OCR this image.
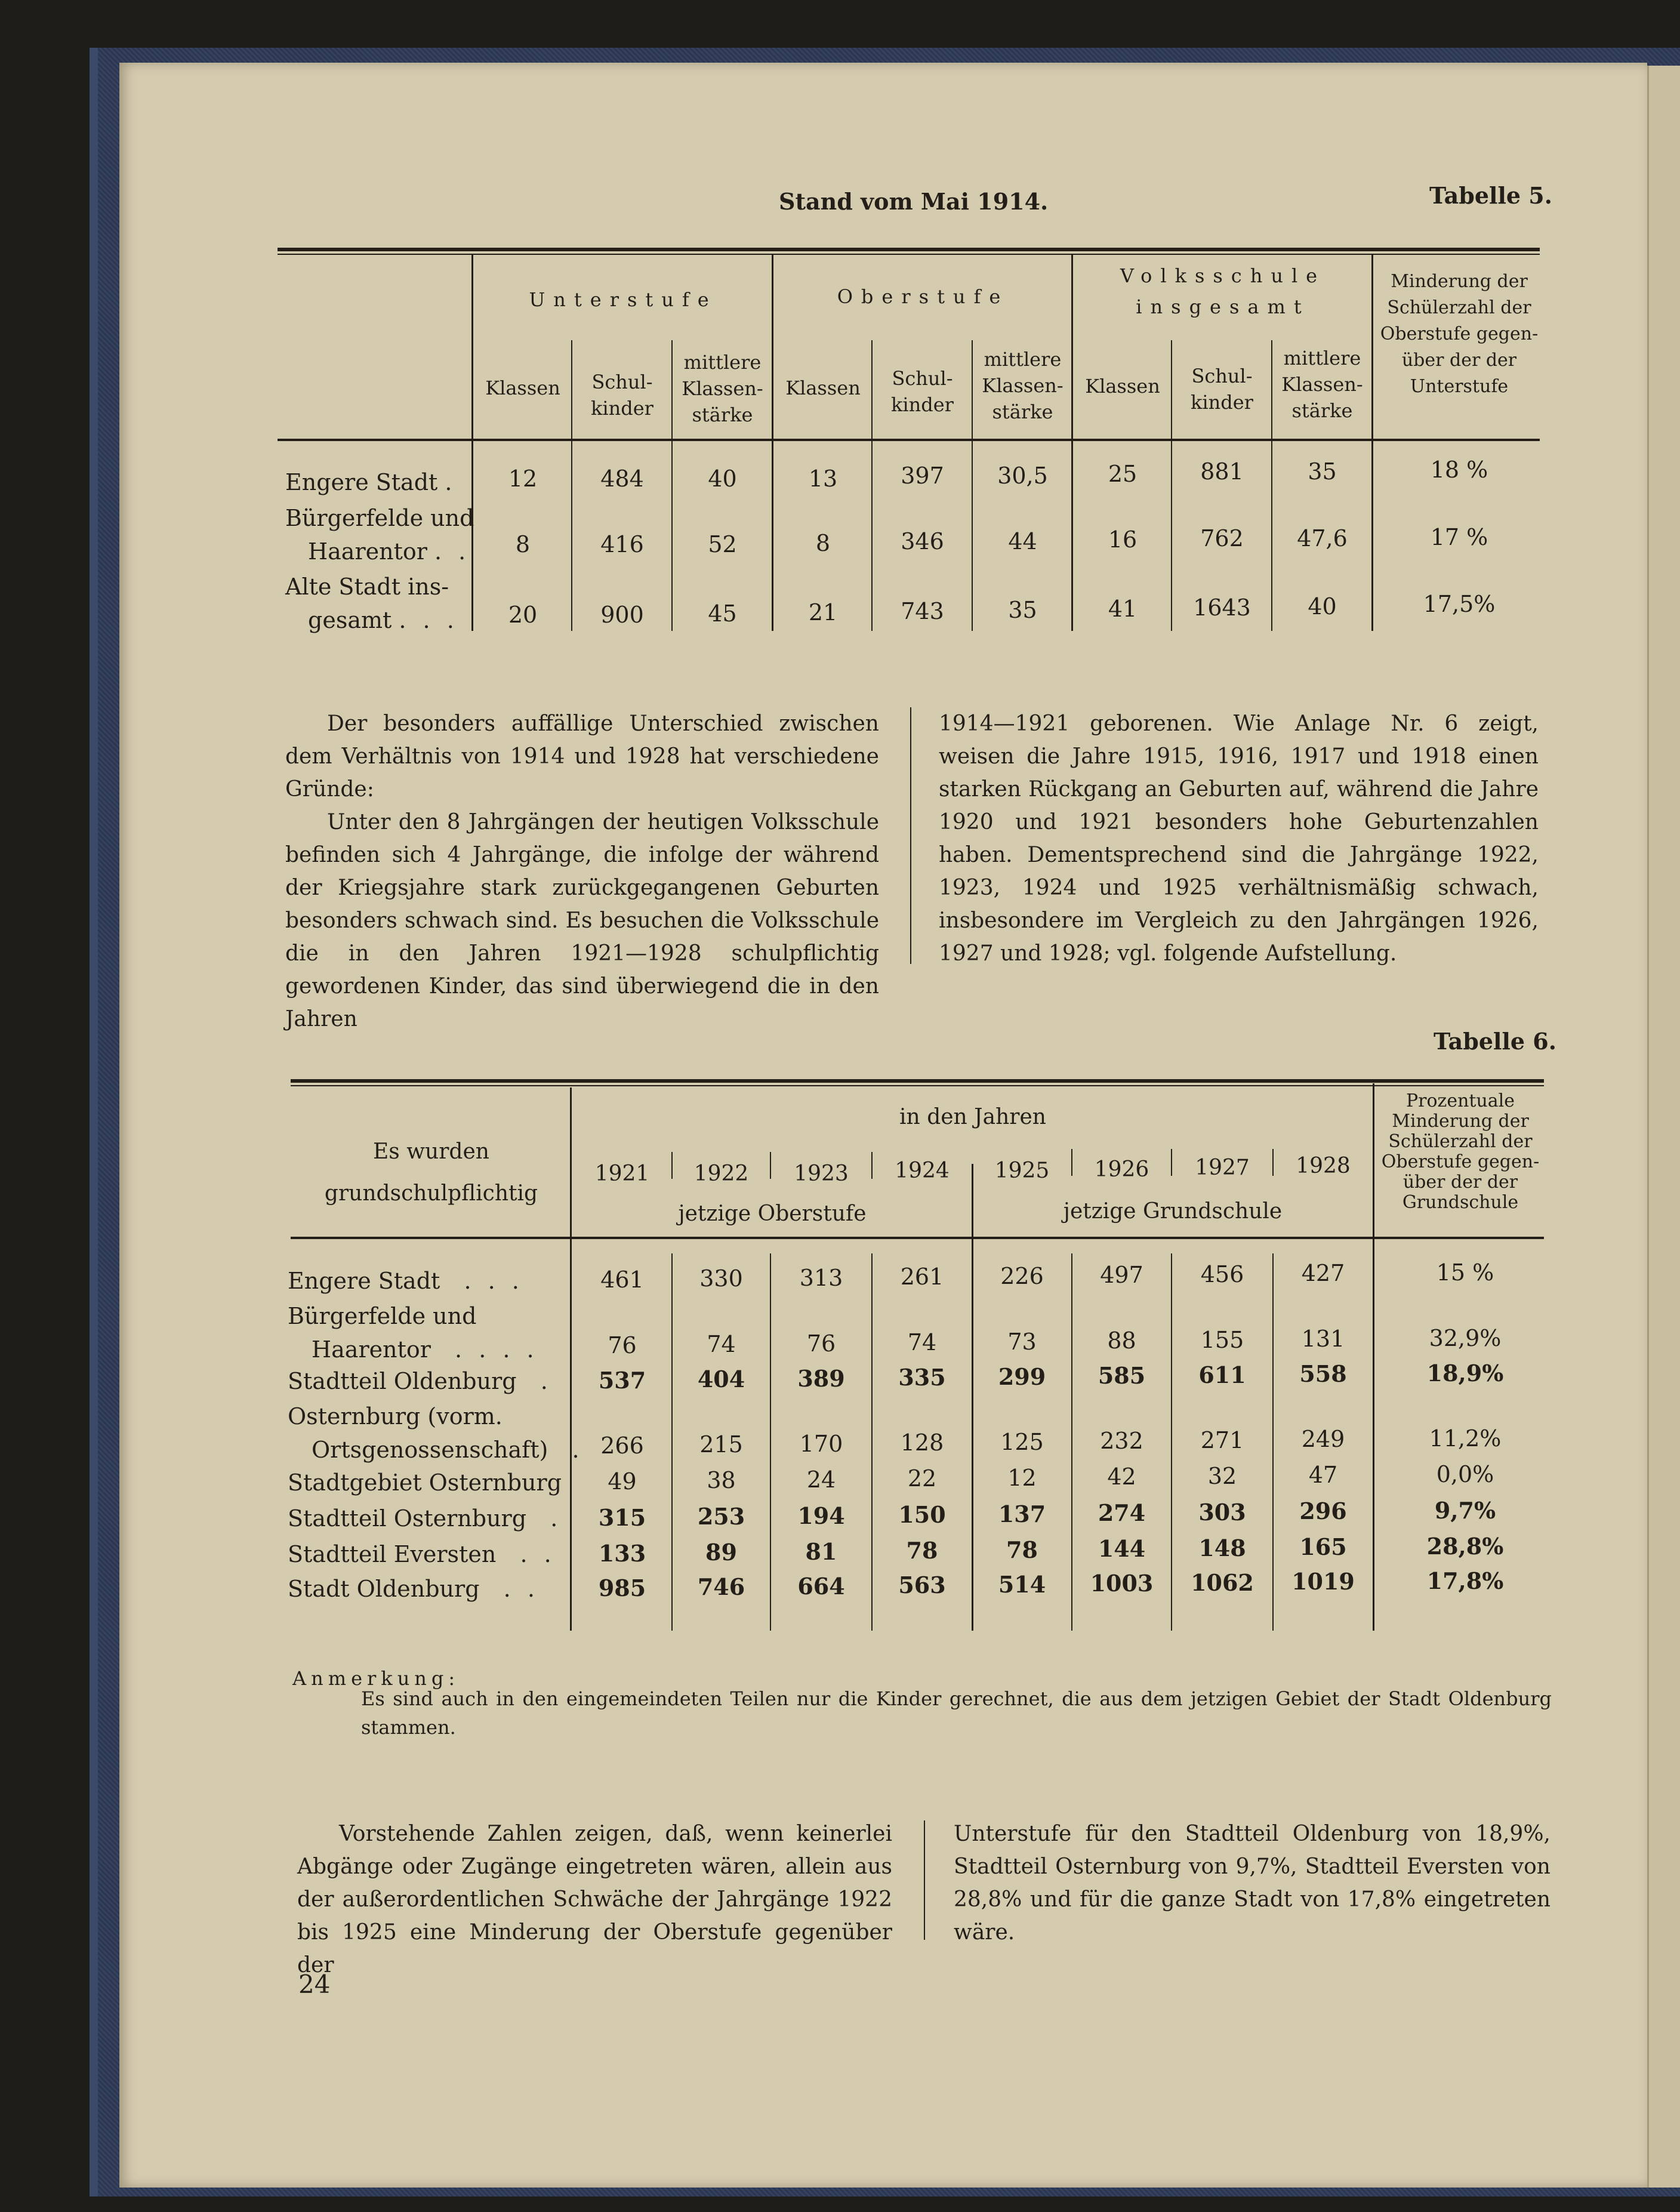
Stand vom Mai 1914.	Tabelle 5.
Unterstufe	Oberstufe
Volksschule
insgesamt
Minderung der
Schülerzahl der
Oberstufe gegen-
über der der
Unterstufe
Klassen	Schul-
kinder
mittlere
Klassen-
stärke
Klassen	Schul-
kinder
mittlere
Klassen-
stärke
Klassen	Schul-
kinder
mittlere
Klassen-
stärke
Engere Stadt .	12	484	40	13	397	30,5	25	881	35	18 %
Bürgerfelde und
Haarentor . .	8	416	52	8	346	44	16	762	47,6	17 %
Alte Stadt ins-
gesamt . . .	20	900	45	21	743	35	41	1643	40	17,5%

Der besonders auffällige Unterschied zwischen dem Verhältnis von 1914 und 1928 hat verschiedene Gründe:

Unter den 8 Jahrgängen der heutigen Volksschule befinden sich 4 Jahrgänge, die infolge der während der Kriegsjahre stark zurückgegangenen Geburten besonders schwach sind. Es besuchen die Volksschule die in den Jahren 1921—1928 schulpflichtig gewordenen Kinder, das sind überwiegend die in den Jahren

1914—1921 geborenen. Wie Anlage Nr. 6 zeigt, weisen die Jahre 1915, 1916, 1917 und 1918 einen starken Rückgang an Geburten auf, während die Jahre 1920 und 1921 besonders hohe Geburtenzahlen haben. Dementsprechend sind die Jahrgänge 1922, 1923, 1924 und 1925 verhältnismäßig schwach, insbesondere im Vergleich zu den Jahrgängen 1926, 1927 und 1928; vgl. folgende Aufstellung.

Tabelle 6.
Es wurden
grundschulpflichtig
in den Jahren
1921	1922	1923	1924	1925	1926	1927	1928
jetzige Oberstufe	jetzige Grundschule
Prozentuale
Minderung der
Schülerzahl der
Oberstufe gegen-
über der der
Grundschule
Engere Stadt  . . .	461	330	313	261	226	497	456	427	15 %
Bürgerfelde und
Haarentor  . . . .	76	74	76	74	73	88	155	131	32,9%
Stadtteil Oldenburg  .	537	404	389	335	299	585	611	558	18,9%
Osternburg (vorm.
Ortsgenossenschaft)  . 266	215	170	128	125	232	271	249	11,2%
Stadtgebiet Osternburg	49	38	24	22	12	42	32	47	0,0%
Stadtteil Osternburg  .	315	253	194	150	137	274	303	296	9,7%
Stadtteil Eversten  . .	133	89	81	78	78	144	148	165	28,8%
Stadt Oldenburg  . .	985	746	664	563	514	1003	1062	1019	17,8%
Anmerkung:
Es sind auch in den eingemeindeten Teilen nur die Kinder gerechnet, die aus dem jetzigen Gebiet der Stadt Oldenburg stammen.

Vorstehende Zahlen zeigen, daß, wenn keinerlei Abgänge oder Zugänge eingetreten wären, allein aus der außerordentlichen Schwäche der Jahrgänge 1922 bis 1925 eine Minderung der Oberstufe gegenüber der

Unterstufe für den Stadtteil Oldenburg von 18,9%, Stadtteil Osternburg von 9,7%, Stadtteil Eversten von 28,8% und für die ganze Stadt von 17,8% eingetreten wäre.

24
